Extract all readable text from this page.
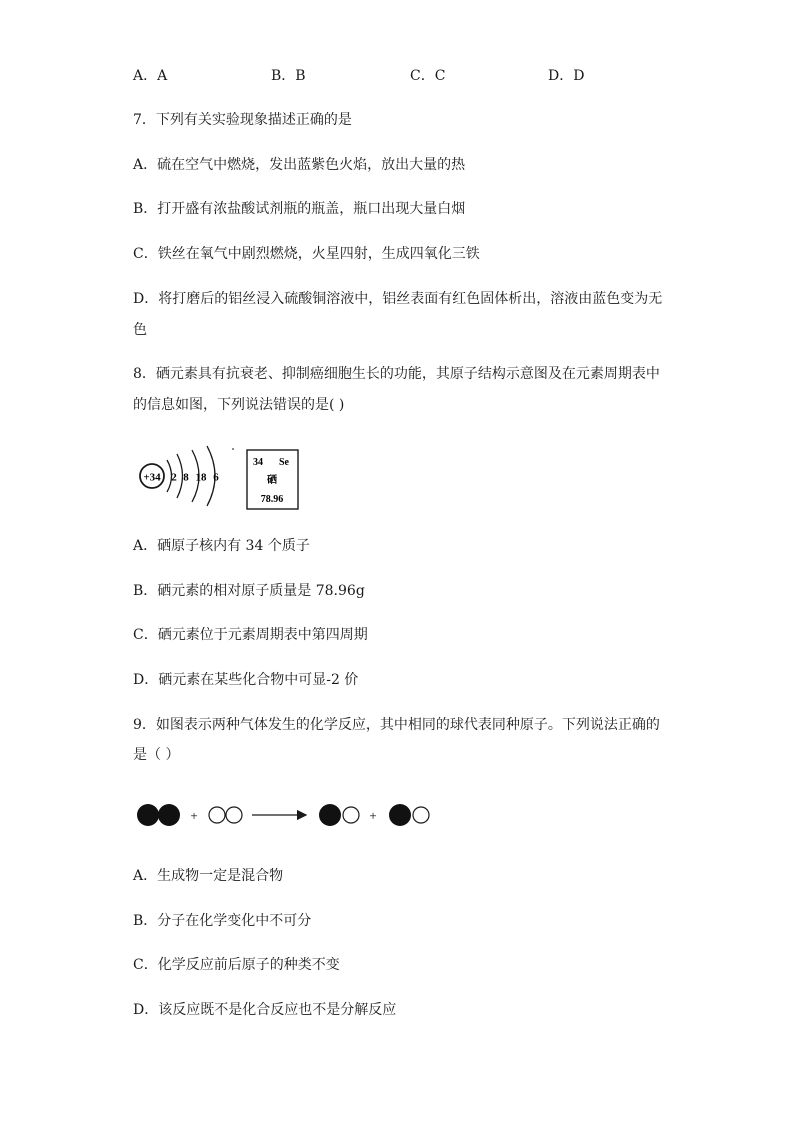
A．A	B．B	C．C	D．D
7．下列有关实验现象描述正确的是
A．硫在空气中燃烧，发出蓝紫色火焰，放出大量的热
B．打开盛有浓盐酸试剂瓶的瓶盖，瓶口出现大量白烟
C．铁丝在氧气中剧烈燃烧，火星四射，生成四氧化三铁
D．将打磨后的铝丝浸入硫酸铜溶液中，铝丝表面有红色固体析出，溶液由蓝色变为无
色
8．硒元素具有抗衰老、抑制癌细胞生长的功能，其原子结构示意图及在元素周期表中
的信息如图，下列说法错误的是( )
+34 2 8 18 6
34 Se
硒
78.96
A．硒原子核内有 34 个质子
B．硒元素的相对原子质量是 78.96g
C．硒元素位于元素周期表中第四周期
D．硒元素在某些化合物中可显-2 价
9．如图表示两种气体发生的化学反应，其中相同的球代表同种原子。下列说法正确的
是（ ）
+	+
A．生成物一定是混合物
B．分子在化学变化中不可分
C．化学反应前后原子的种类不变
D．该反应既不是化合反应也不是分解反应
